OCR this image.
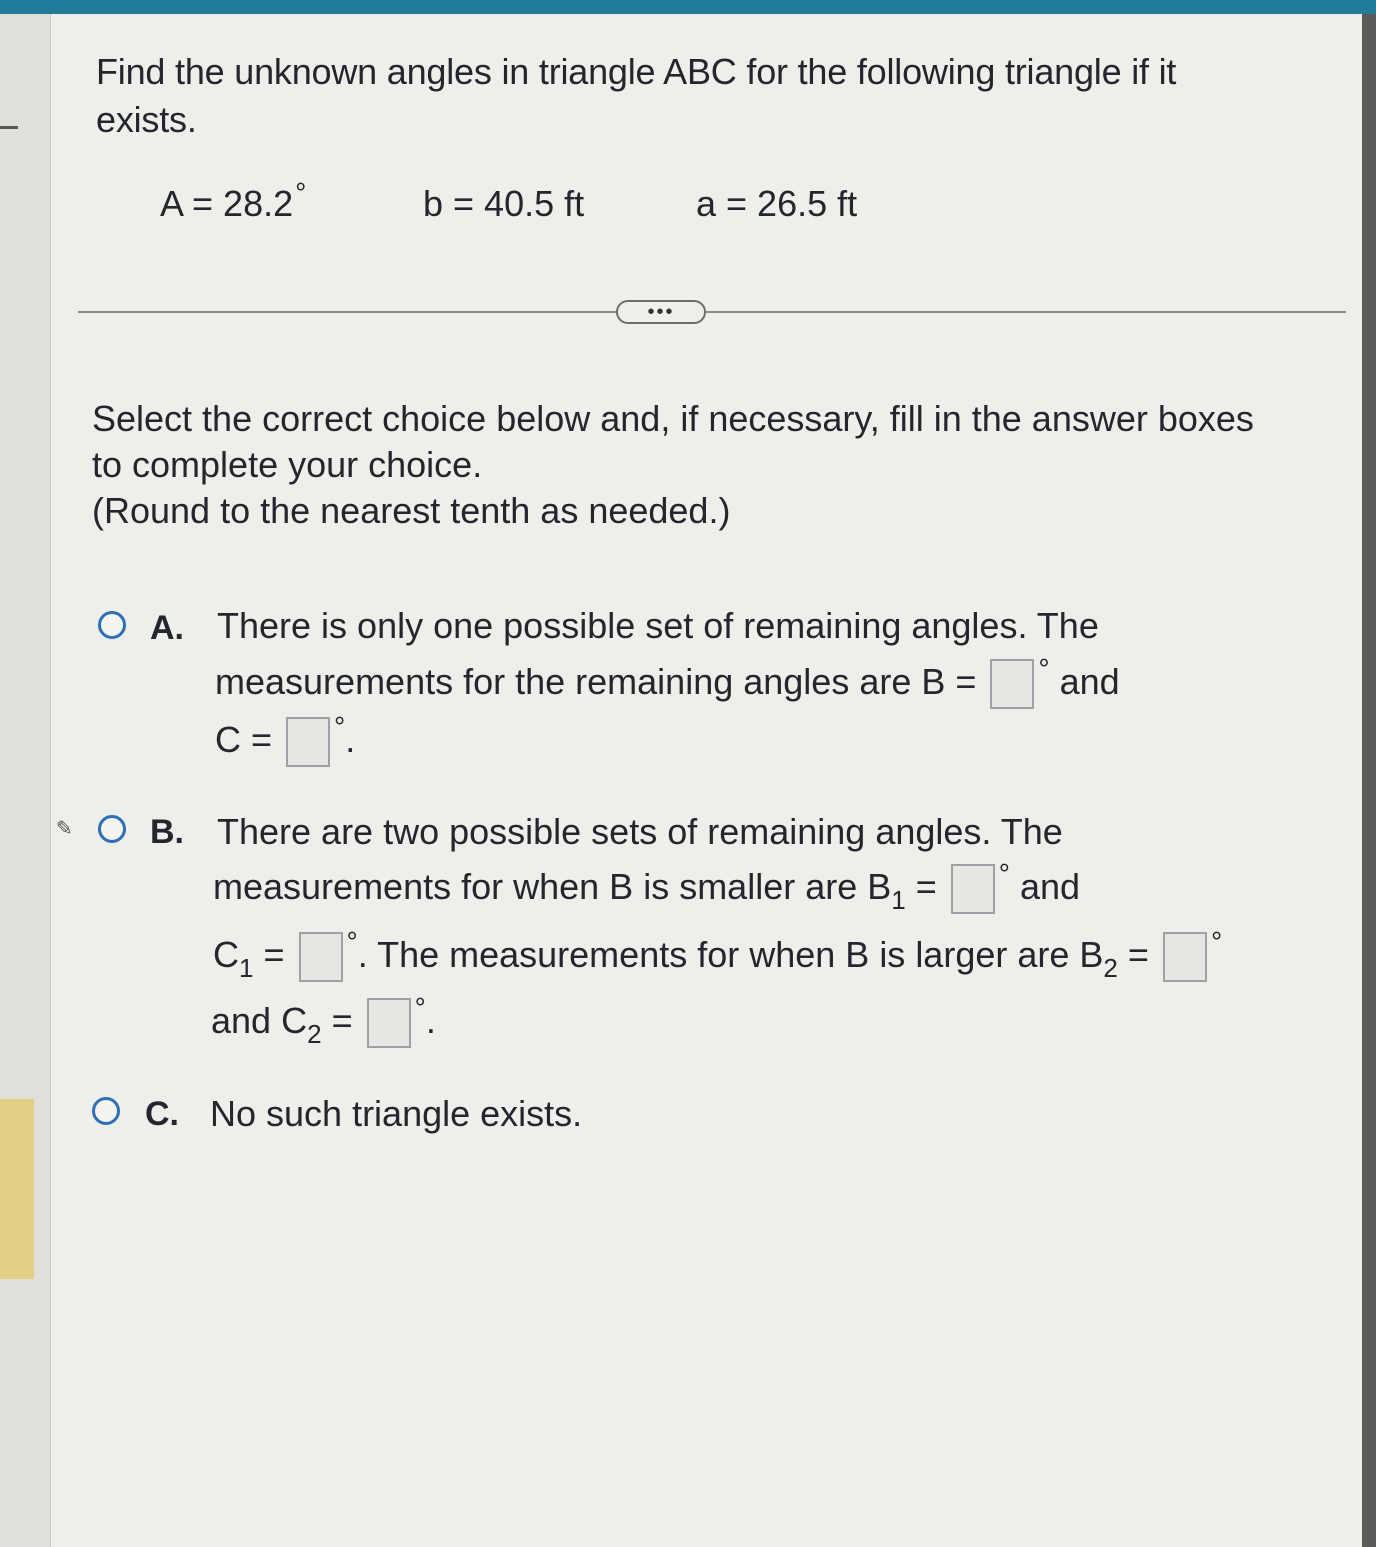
Find the unknown angles in triangle ABC for the following triangle if it exists.
A = 28.2°	b = 40.5 ft	a = 26.5 ft
•••
Select the correct choice below and, if necessary, fill in the answer boxes
to complete your choice.
(Round to the nearest tenth as needed.)
A. There is only one possible set of remaining angles. The
measurements for the remaining angles are B = ° and
C = °.
✎ B. There are two possible sets of remaining angles. The
measurements for when B is smaller are $B_1 = ^\circ$ and
$C_1 = ^\circ$. The measurements for when B is larger are $B_2 = ^\circ$
and $C_2 = ^\circ$.
C. No such triangle exists.
